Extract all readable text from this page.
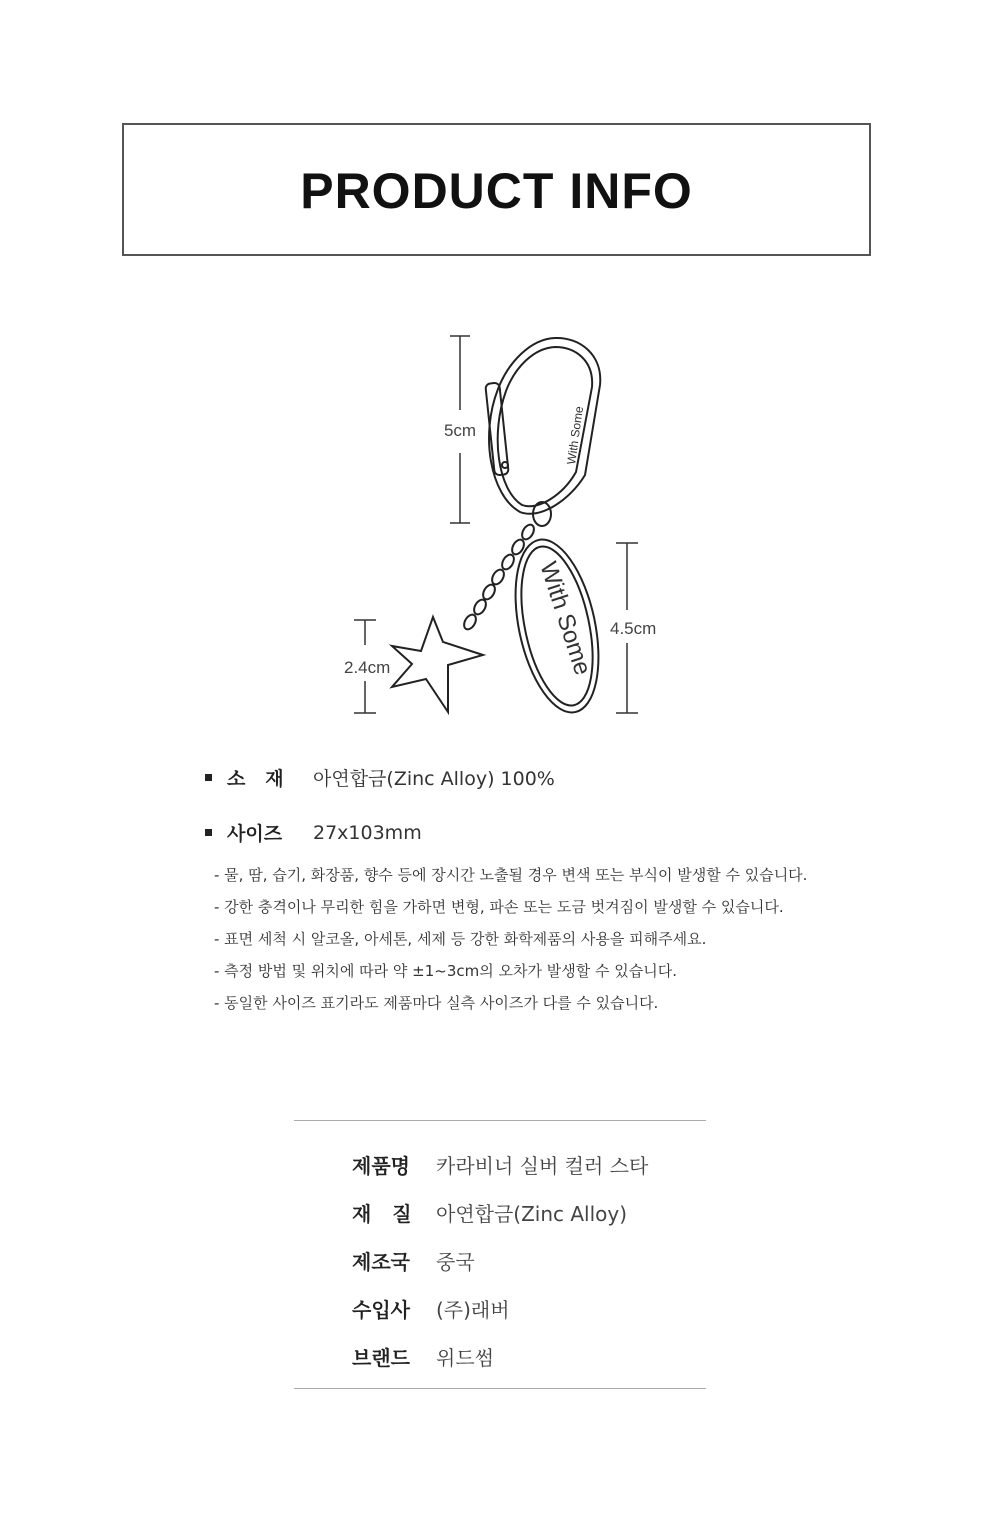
PRODUCT INFO
5cm	With Some
With Some 4.5cm
2.4cm
소   재 아연합금(Zinc Alloy) 100%
사이즈	27x103mm
- 물, 땀, 습기, 화장품, 향수 등에 장시간 노출될 경우 변색 또는 부식이 발생할 수 있습니다.
- 강한 충격이나 무리한 힘을 가하면 변형, 파손 또는 도금 벗겨짐이 발생할 수 있습니다.
- 표면 세척 시 알코올, 아세톤, 세제 등 강한 화학제품의 사용을 피해주세요.
- 측정 방법 및 위치에 따라 약 ±1~3cm의 오차가 발생할 수 있습니다.
- 동일한 사이즈 표기라도 제품마다 실측 사이즈가 다를 수 있습니다.
제품명	카라비너 실버 컬러 스타
재   질	아연합금(Zinc Alloy)
제조국	중국
수입사	(주)래버
브랜드	위드썸
